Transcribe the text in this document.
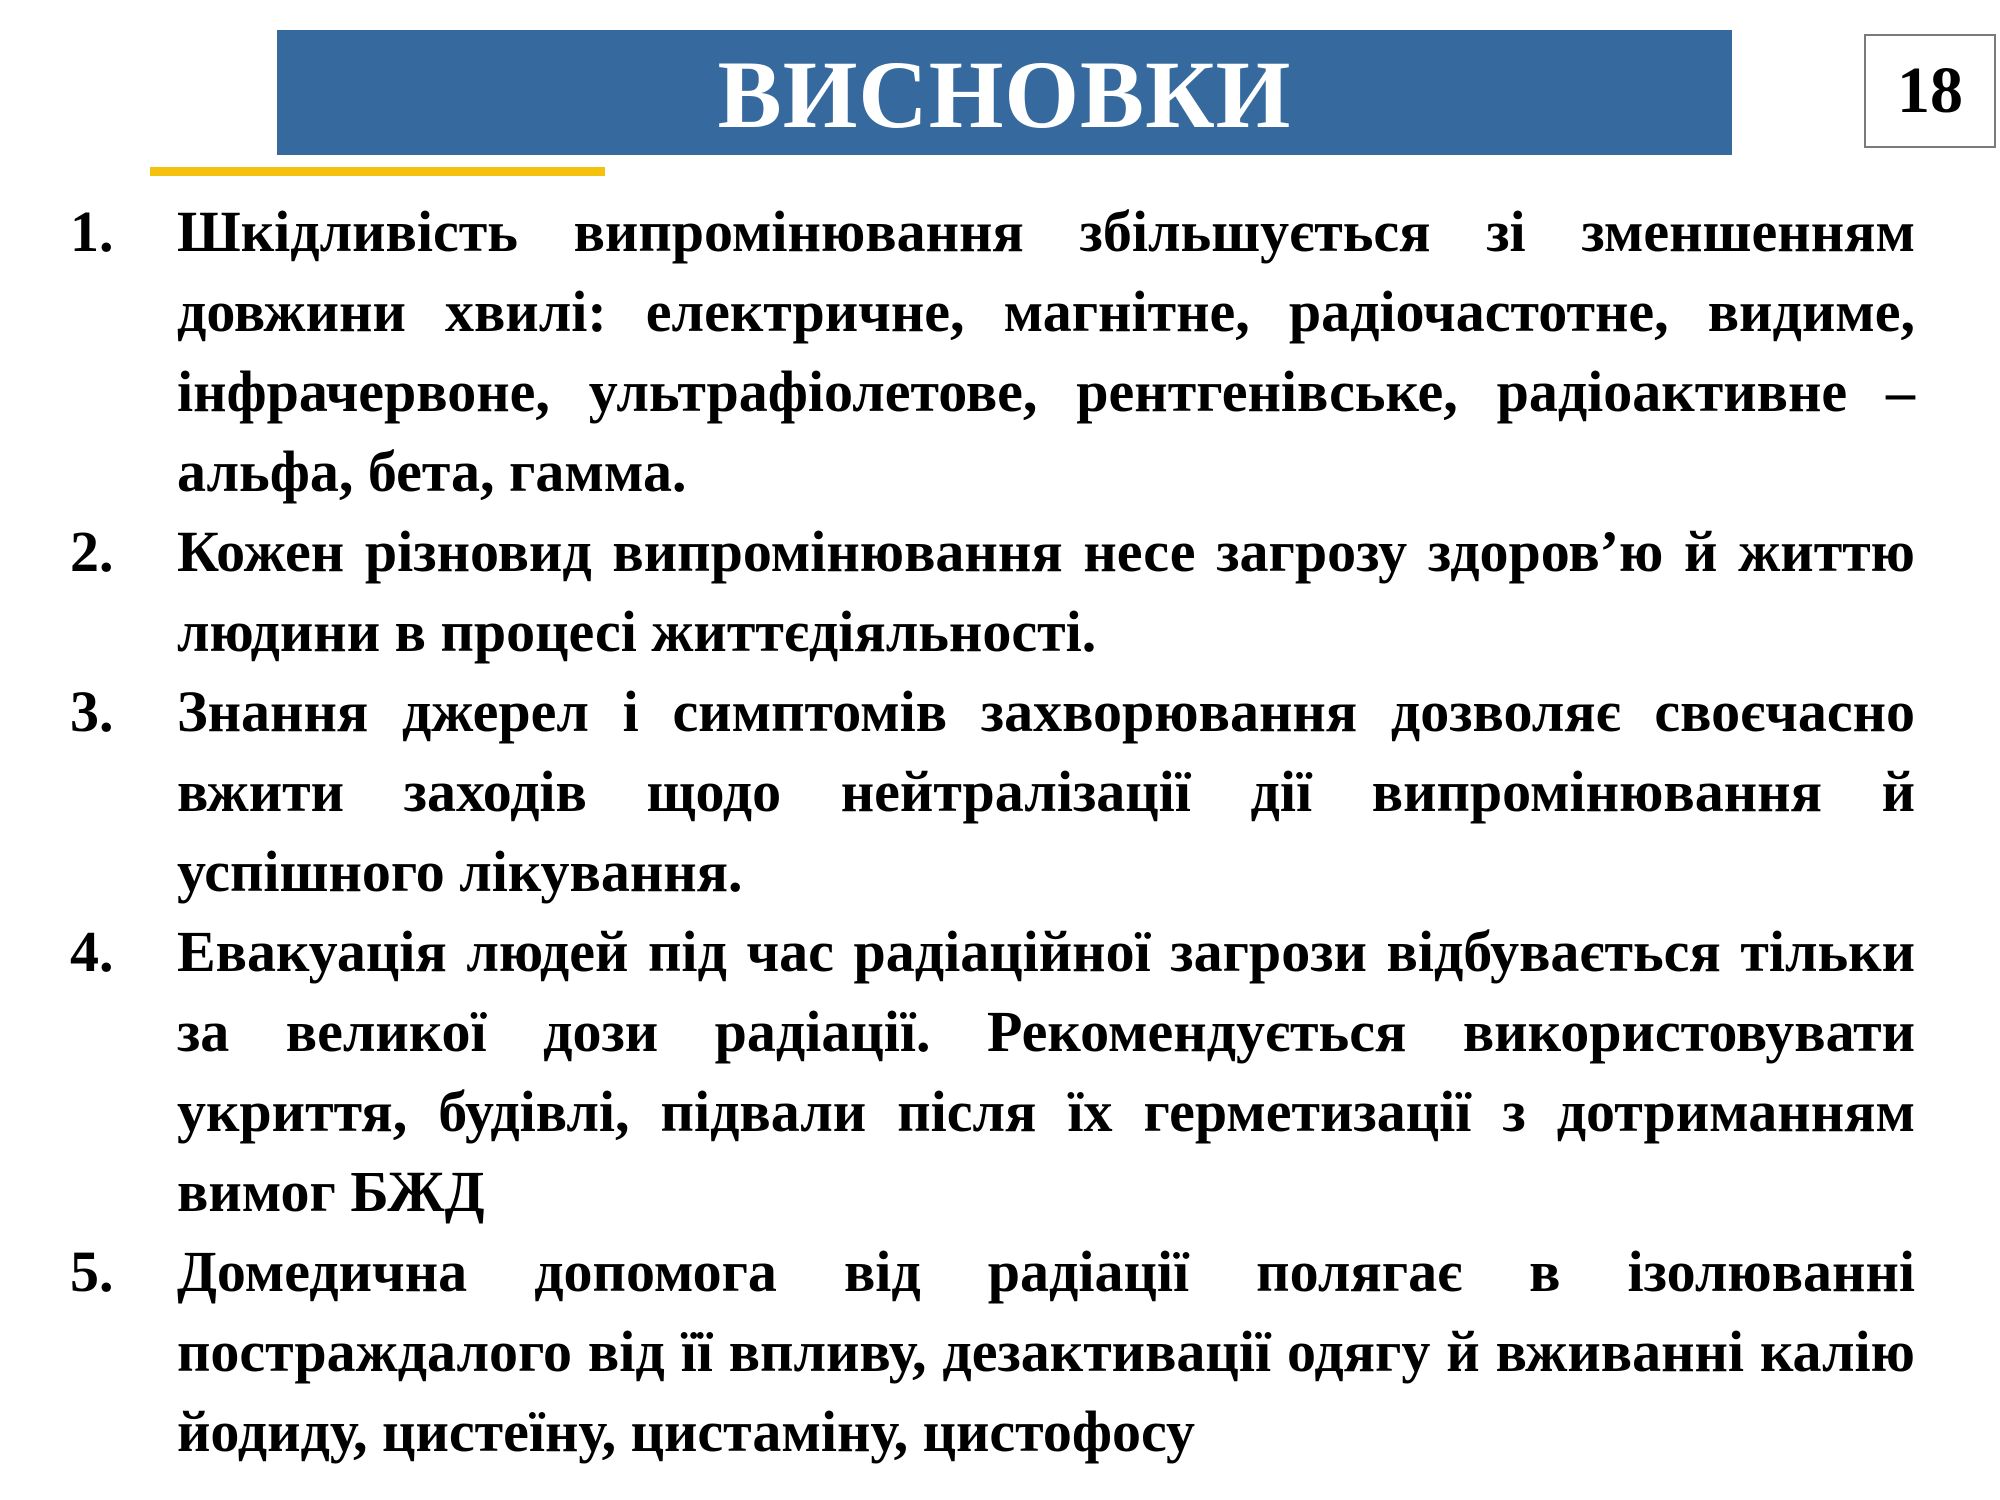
ВИСНОВКИ	18
1.	Шкідливість випромінювання збільшується зі зменшенням довжини хвилі: електричне, магнітне, радіочастотне, видиме, інфрачервоне, ультрафіолетове, рентгенівське, радіоактивне – альфа, бета, гамма.
2.	Кожен різновид випромінювання несе загрозу здоров’ю й життю людини в процесі життєдіяльності.
3.	Знання джерел і симптомів захворювання дозволяє своєчасно вжити заходів щодо нейтралізації дії випромінювання й успішного лікування.
4.	Евакуація людей під час радіаційної загрози відбувається тільки за великої дози радіації. Рекомендується використовувати укриття, будівлі, підвали після їх герметизації з дотриманням вимог БЖД
5.	Домедична допомога від радіації полягає в ізолюванні постраждалого від її впливу, дезактивації одягу й вживанні калію йодиду, цистеїну, цистаміну, цистофосу
